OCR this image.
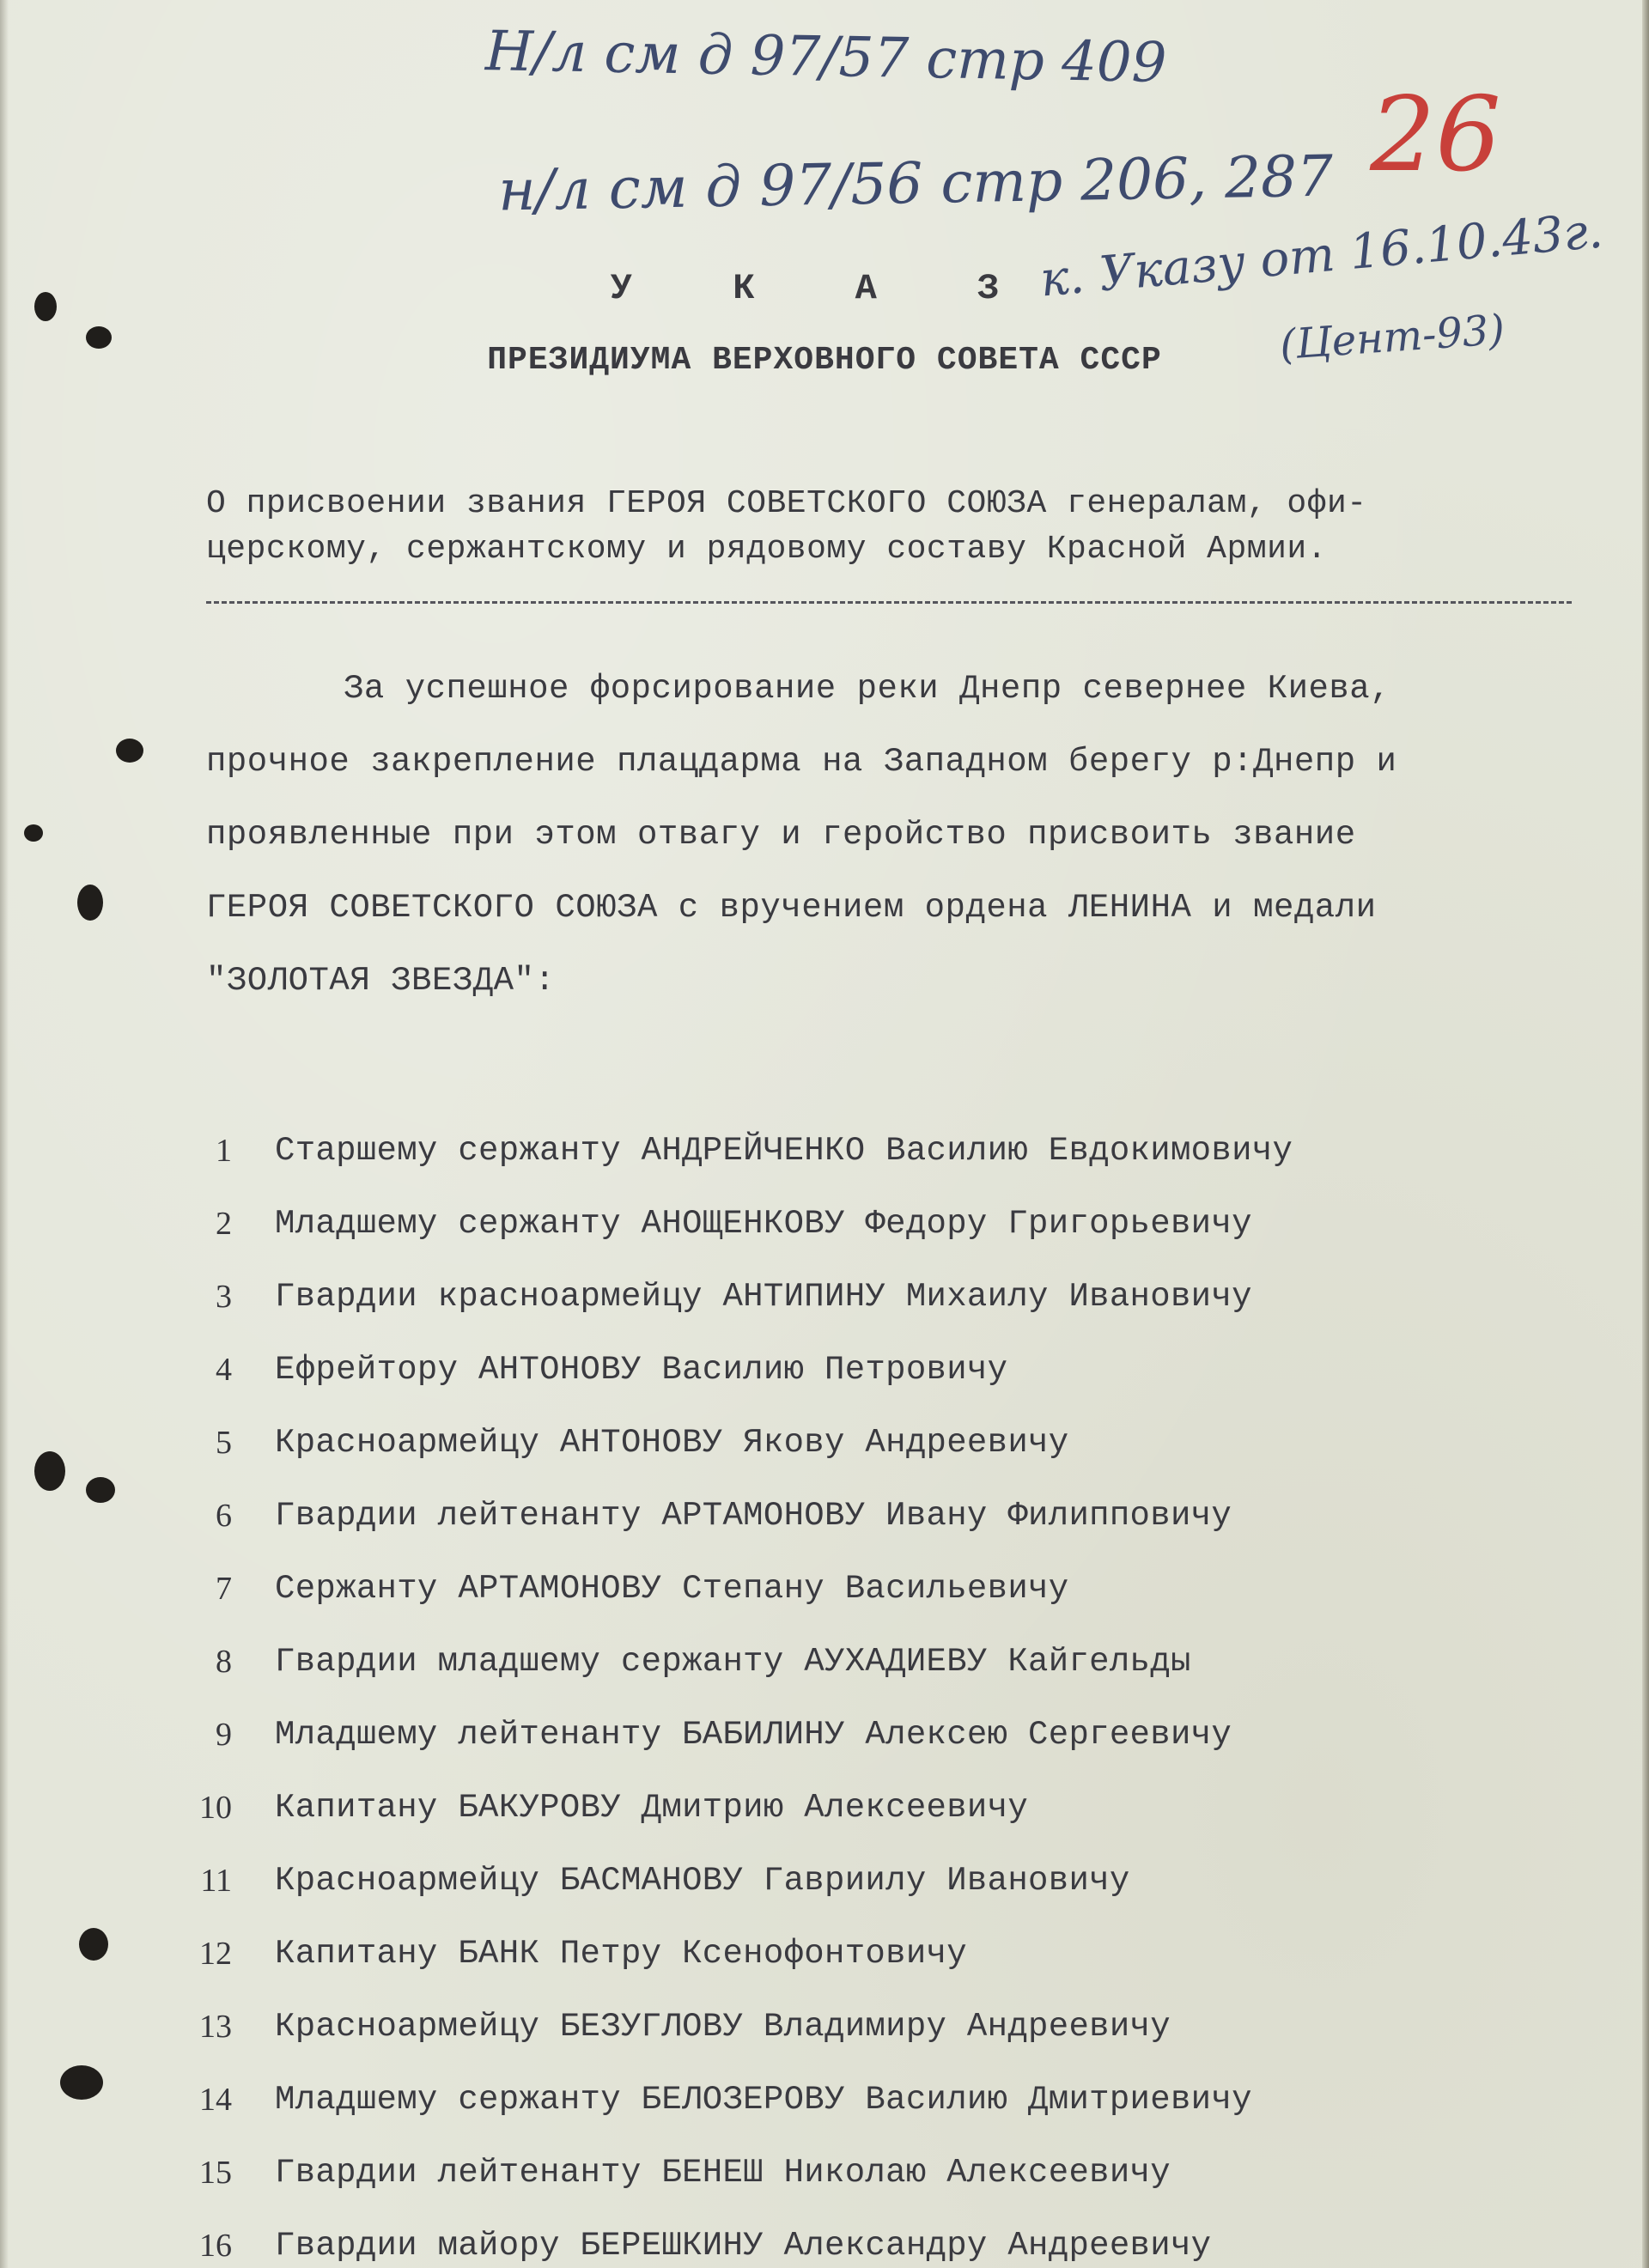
Н/л см д 97/57 стр 409
н/л см д 97/56 стр 206, 287 26
к. Указу от 16.10.43г.
(Цент-93)
У К А З
ПРЕЗИДИУМА ВЕРХОВНОГО СОВЕТА СССР
О присвоении звания ГЕРОЯ СОВЕТСКОГО СОЮЗА генералам, офи-
церскому, сержантскому и рядовому составу Красной Армии.
За успешное форсирование реки Днепр севернее Киева,
прочное закрепление плацдарма на Западном берегу р:Днепр и
проявленные при этом отвагу и геройство присвоить звание
ГЕРОЯ СОВЕТСКОГО СОЮЗА с вручением ордена ЛЕНИНА и медали
"ЗОЛОТАЯ ЗВЕЗДА":
1 Старшему сержанту АНДРЕЙЧЕНКО Василию Евдокимовичу
2 Младшему сержанту АНОЩЕНКОВУ Федору Григорьевичу
3 Гвардии красноармейцу АНТИПИНУ Михаилу Ивановичу
4 Ефрейтору АНТОНОВУ Василию Петровичу
5 Красноармейцу АНТОНОВУ Якову Андреевичу
6 Гвардии лейтенанту АРТАМОНОВУ Ивану Филипповичу
7 Сержанту АРТАМОНОВУ Степану Васильевичу
8 Гвардии младшему сержанту АУХАДИЕВУ Кайгельды
9 Младшему лейтенанту БАБИЛИНУ Алексею Сергеевичу
10 Капитану БАКУРОВУ Дмитрию Алексеевичу
11 Красноармейцу БАСМАНОВУ Гавриилу Ивановичу
12 Капитану БАНК Петру Ксенофонтовичу
13 Красноармейцу БЕЗУГЛОВУ Владимиру Андреевичу
14 Младшему сержанту БЕЛОЗЕРОВУ Василию Дмитриевичу
15 Гвардии лейтенанту БЕНЕШ Николаю Алексеевичу
16 Гвардии майору БЕРЕШКИНУ Александру Андреевичу
